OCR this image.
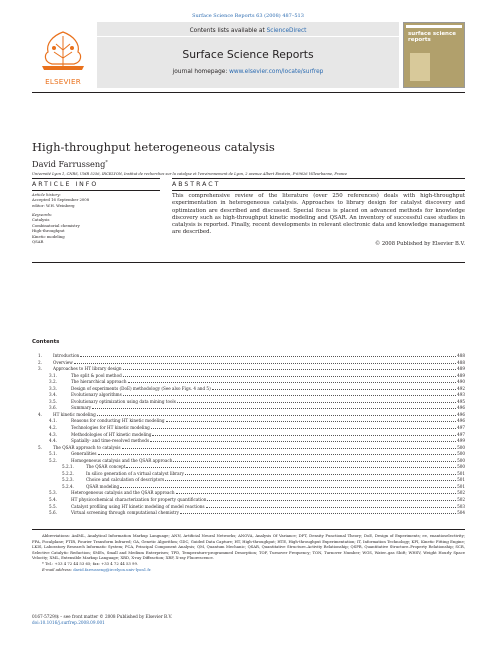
Surface Science Reports 63 (2008) 487–513
ELSEVIER
Contents lists available at ScienceDirect
Surface Science Reports
journal homepage: www.elsevier.com/locate/surfrep
surface science
reports
High-throughput heterogeneous catalysis
David Farrusseng*
Université Lyon 1, CNRS, UMR 5256, IRCELYON, Institut de recherches sur la catalyse et l'environnement de Lyon, 2 avenue Albert Einstein, F-69626 Villeurbanne, France
ARTICLE INFO
Article history:
Accepted 16 September 2008
editor: W.H. Weinberg
Keywords:
Catalysis
Combinatorial chemistry
High-throughput
Kinetic modeling
QSAR
ABSTRACT
This comprehensive review of the literature (over 250 references) deals with high-throughput experimentation in heterogeneous catalysis. Approaches to library design for catalyst discovery and optimization are described and discussed. Special focus is placed on advanced methods for knowledge discovery such as high-throughput kinetic modeling and QSAR. An inventory of successful case studies in catalysis is reported. Finally, recent developments in relevant electronic data and knowledge management are described.
© 2008 Published by Elsevier B.V.
Contents
1.	Introduction	488
2.	Overview	488
3.	Approaches to HT library design	489
3.1.	The split & pool method	489
3.2.	The hierarchical approach	490
3.3.	Design of experiments (DoE) methodology (See also Figs. 4 and 5)	492
3.4.	Evolutionary algorithms	493
3.5.	Evolutionary optimization using data mining tools	495
3.6.	Summary	496
4.	HT kinetic modeling	496
4.1.	Reasons for conducting HT kinetic modeling	496
4.2.	Technologies for HT kinetic modeling	497
4.3.	Methodologies of HT kinetic modeling	497
4.4.	Spatially- and time-resolved methods	499
5.	The QSAR approach to catalysis	500
5.1.	Generalities	500
5.2.	Homogeneous catalysis and the QSAR approach	500
5.2.1.	The QSAR concept	500
5.2.2.	In silico generation of a virtual catalyst library	501
5.2.3.	Choice and calculation of descriptors	501
5.2.4.	QSAR modeling	501
5.3.	Heterogeneous catalysis and the QSAR approach	502
5.4.	HT physicochemical characterization for property quantification	502
5.5.	Catalyst profiling using HT kinetic modeling of model reactions	503
5.6.	Virtual screening through computational chemistry	504
Abbreviations: AnIML, Analytical Information Markup Language; ANN, Artificial Neural Networks; ANOVA, Analysis Of Variance; DFT, Density Functional Theory; DoE, Design of Experiments; ee, enantioselectivity; FPA, Focalplane; FTIR, Fourier Transform Infrared; GA, Genetic Algorithm; GDC, Guided Data Capture; HT, High-throughput; HTE, High-throughput Experimentation; IT, Information Technology; KPI, Kinetic Fitting Engine; LKIS, Laboratory Research Informatic System; PCA, Principal Component Analysis; QM, Quantum Mechanic; QSAR, Quantitative Structure–Activity Relationship; QSPR, Quantitative Structure–Property Relationship; SCR, Selective Catalytic Reduction; SMEs, Small and Medium Enterprises; TPD, Temperature-programmed Desorption; TOF, Turnover Frequency; TON, Turnover Number; WGS, Water–gas Shift; WHSV, Weight Hourly Space Velocity; XML, Extensible Markup Language; XRD, X-ray Diffraction; XRF, X-ray Fluorescence.
* Tel.: +33 4 72 44 53 65; fax: +33 4 72 44 53 99.
E-mail address: david.farrusseng@ircelyon.univ-lyon1.fr.
0167-5729/$ – see front matter © 2008 Published by Elsevier B.V.
doi:10.1016/j.surfrep.2008.09.001
